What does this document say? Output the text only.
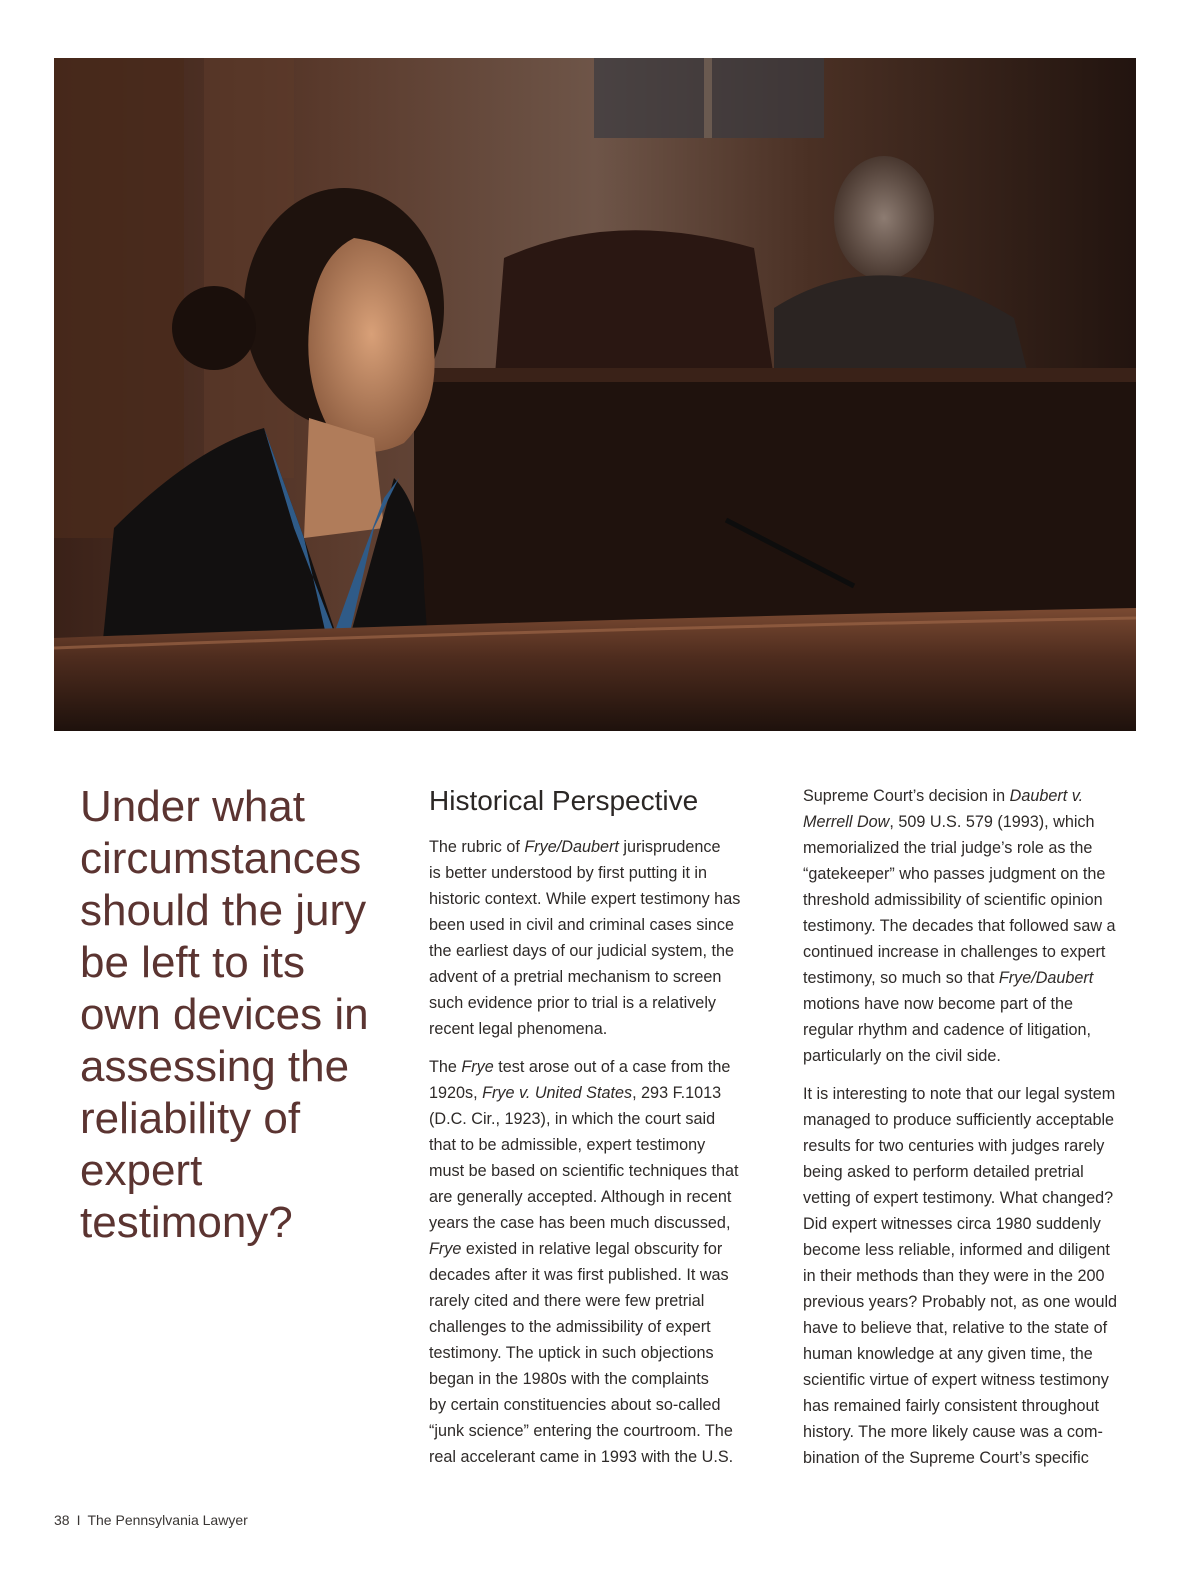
Under what circumstances should the jury be left to its own devices in assessing the reliability of expert testimony?
Historical Perspective

The rubric of Frye/Daubert jurisprudence
is better understood by first putting it in
historic context. While expert testimony has
been used in civil and criminal cases since
the earliest days of our judicial system, the
advent of a pretrial mechanism to screen
such evidence prior to trial is a relatively
recent legal phenomena.

The Frye test arose out of a case from the
1920s, Frye v. United States, 293 F.1013
(D.C. Cir., 1923), in which the court said
that to be admissible, expert testimony
must be based on scientific techniques that
are generally accepted. Although in recent
years the case has been much discussed,
Frye existed in relative legal obscurity for
decades after it was first published. It was
rarely cited and there were few pretrial
challenges to the admissibility of expert
testimony. The uptick in such objections
began in the 1980s with the complaints
by certain constituencies about so-called
“junk science” entering the courtroom. The
real accelerant came in 1993 with the U.S.

Supreme Court’s decision in Daubert v.
Merrell Dow, 509 U.S. 579 (1993), which
memorialized the trial judge’s role as the
“gatekeeper” who passes judgment on the
threshold admissibility of scientific opinion
testimony. The decades that followed saw a
continued increase in challenges to expert
testimony, so much so that Frye/Daubert
motions have now become part of the
regular rhythm and cadence of litigation,
particularly on the civil side.

It is interesting to note that our legal system
managed to produce sufficiently acceptable
results for two centuries with judges rarely
being asked to perform detailed pretrial
vetting of expert testimony. What changed?
Did expert witnesses circa 1980 suddenly
become less reliable, informed and diligent
in their methods than they were in the 200
previous years? Probably not, as one would
have to believe that, relative to the state of
human knowledge at any given time, the
scientific virtue of expert witness testimony
has remained fairly consistent throughout
history. The more likely cause was a com-
bination of the Supreme Court’s specific

38 I The Pennsylvania Lawyer
